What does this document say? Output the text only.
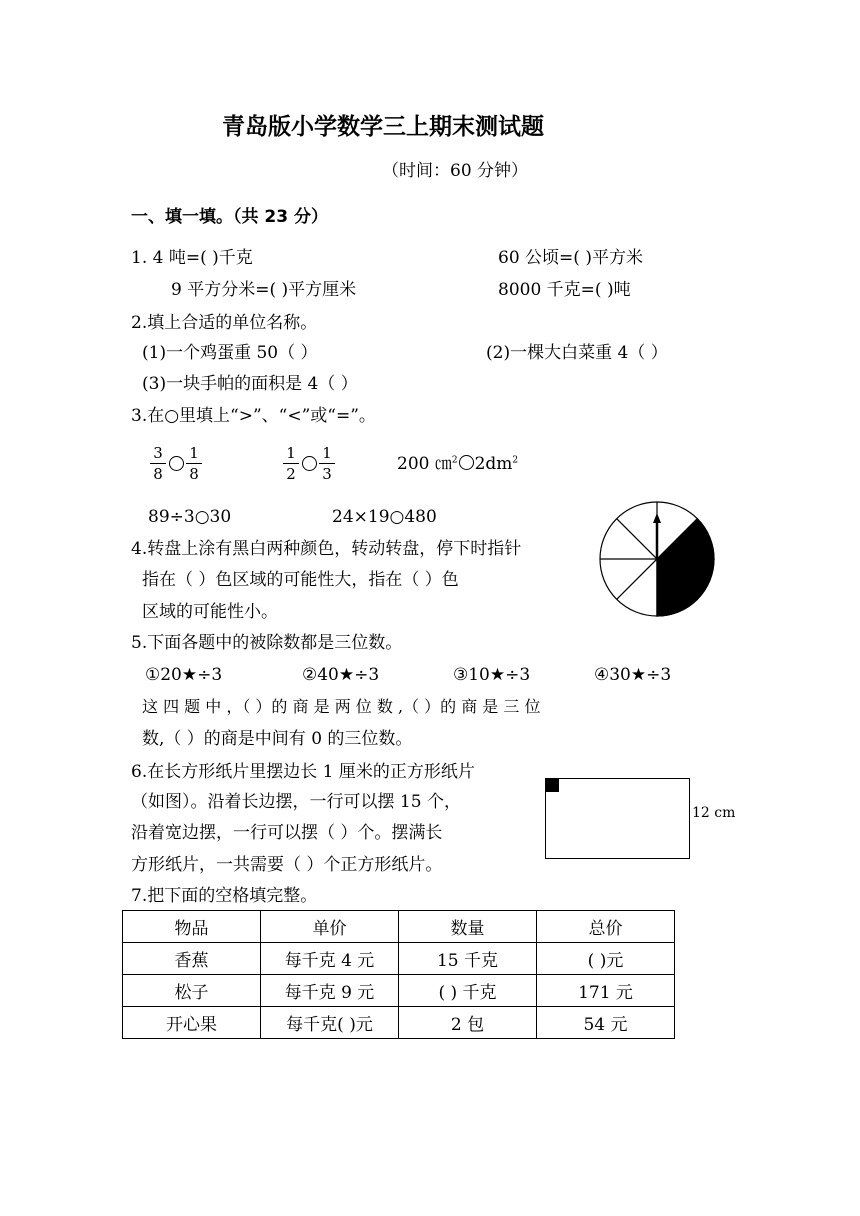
青岛版小学数学三上期末测试题
（时间：60 分钟）
一、填一填。（共 23 分）
1. 4 吨=( )千克	60 公顷=( )平方米
9 平方分米=( )平方厘米	8000 千克=( )吨
2.填上合适的单位名称。
(1)一个鸡蛋重 50（ ）	(2)一棵大白菜重 4（ ）
(3)一块手帕的面积是 4（ ）
3.在○里填上“>”、“<”或“=”。
3
8
1
8
1
2
1
3	200 ㎝$^2$ $2dm^2$
89÷3○30	24×19○480
4.转盘上涂有黑白两种颜色，转动转盘，停下时指针
指在（ ）色区域的可能性大，指在（ ）色
区域的可能性小。
5.下面各题中的被除数都是三位数。
①20★÷3	②40★÷3	③10★÷3	④30★÷3
这 四 题 中 ，（ ）的 商 是 两 位 数 ,（ ）的 商 是 三 位
数,（ ）的商是中间有 0 的三位数。
6.在长方形纸片里摆边长 1 厘米的正方形纸片
（如图）。沿着长边摆，一行可以摆 15 个，
沿着宽边摆，一行可以摆（ ）个。摆满长
方形纸片，一共需要（ ）个正方形纸片。
12 cm
7.把下面的空格填完整。
物品	单价	数量	总价
香蕉	每千克 4 元	15 千克	( )元
松子	每千克 9 元	( ) 千克	171 元
开心果	每千克( )元	2 包	54 元
